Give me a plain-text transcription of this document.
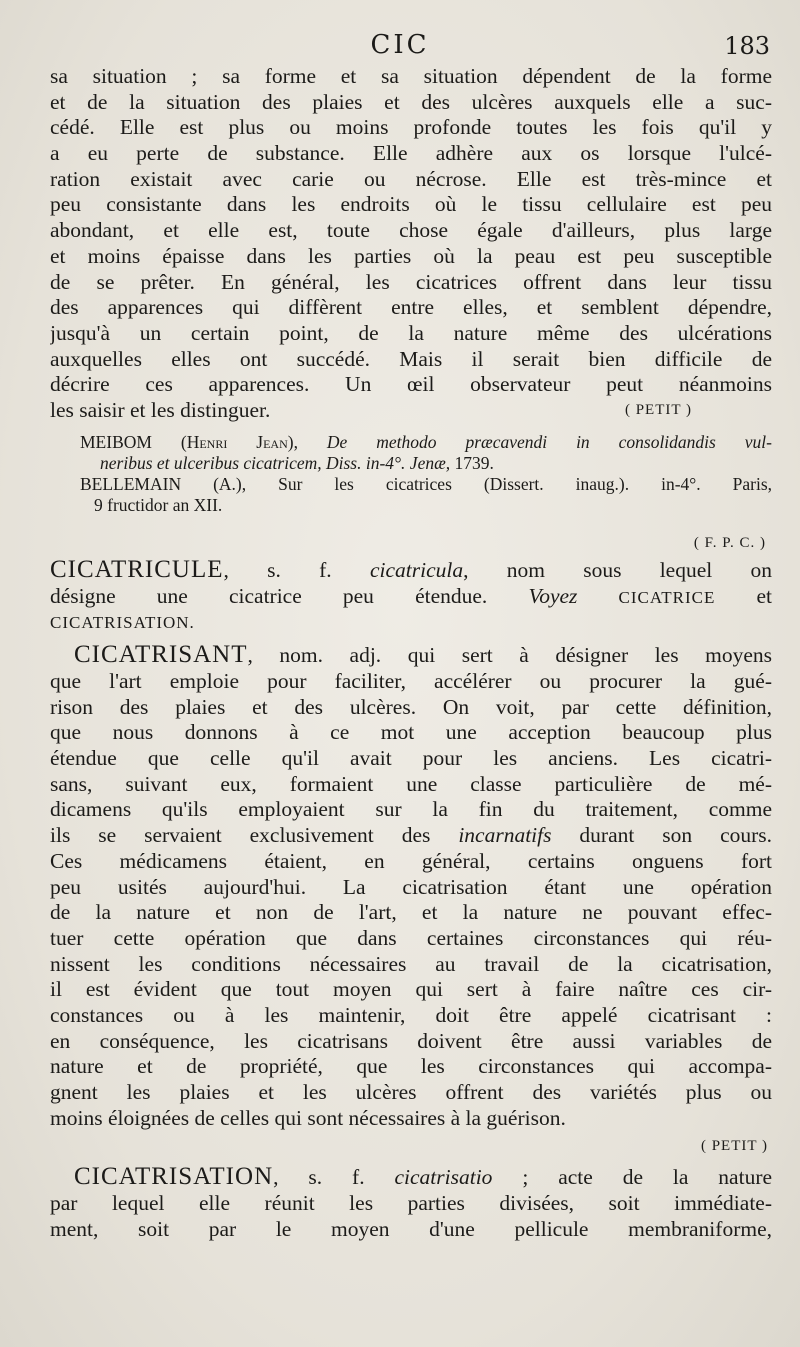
CIC	183
sa situation ; sa forme et sa situation dépendent de la forme
et de la situation des plaies et des ulcères auxquels elle a suc-
cédé. Elle est plus ou moins profonde toutes les fois qu'il y
a eu perte de substance. Elle adhère aux os lorsque l'ulcé-
ration existait avec carie ou nécrose. Elle est très-mince et
peu consistante dans les endroits où le tissu cellulaire est peu
abondant, et elle est, toute chose égale d'ailleurs, plus large
et moins épaisse dans les parties où la peau est peu susceptible
de se prêter. En général, les cicatrices offrent dans leur tissu
des apparences qui diffèrent entre elles, et semblent dépendre,
jusqu'à un certain point, de la nature même des ulcérations
auxquelles elles ont succédé. Mais il serait bien difficile de
décrire ces apparences. Un œil observateur peut néanmoins
les saisir et les distinguer.	( PETIT )
MEIBOM (Henri Jean), De methodo præcavendi in consolidandis vul-
neribus et ulceribus cicatricem, Diss. in-4°. Jenæ, 1739.
BELLEMAIN (A.), Sur les cicatrices (Dissert. inaug.). in-4°. Paris,
9 fructidor an XII.
( F. P. C. )
CICATRICULE, s. f. cicatricula, nom sous lequel on
désigne une cicatrice peu étendue. Voyez CICATRICE et
CICATRISATION.
CICATRISANT, nom. adj. qui sert à désigner les moyens
que l'art emploie pour faciliter, accélérer ou procurer la gué-
rison des plaies et des ulcères. On voit, par cette définition,
que nous donnons à ce mot une acception beaucoup plus
étendue que celle qu'il avait pour les anciens. Les cicatri-
sans, suivant eux, formaient une classe particulière de mé-
dicamens qu'ils employaient sur la fin du traitement, comme
ils se servaient exclusivement des incarnatifs durant son cours.
Ces médicamens étaient, en général, certains onguens fort
peu usités aujourd'hui. La cicatrisation étant une opération
de la nature et non de l'art, et la nature ne pouvant effec-
tuer cette opération que dans certaines circonstances qui réu-
nissent les conditions nécessaires au travail de la cicatrisation,
il est évident que tout moyen qui sert à faire naître ces cir-
constances ou à les maintenir, doit être appelé cicatrisant :
en conséquence, les cicatrisans doivent être aussi variables de
nature et de propriété, que les circonstances qui accompa-
gnent les plaies et les ulcères offrent des variétés plus ou
moins éloignées de celles qui sont nécessaires à la guérison.
( PETIT )
CICATRISATION, s. f. cicatrisatio ; acte de la nature
par lequel elle réunit les parties divisées, soit immédiate-
ment, soit par le moyen d'une pellicule membraniforme,
